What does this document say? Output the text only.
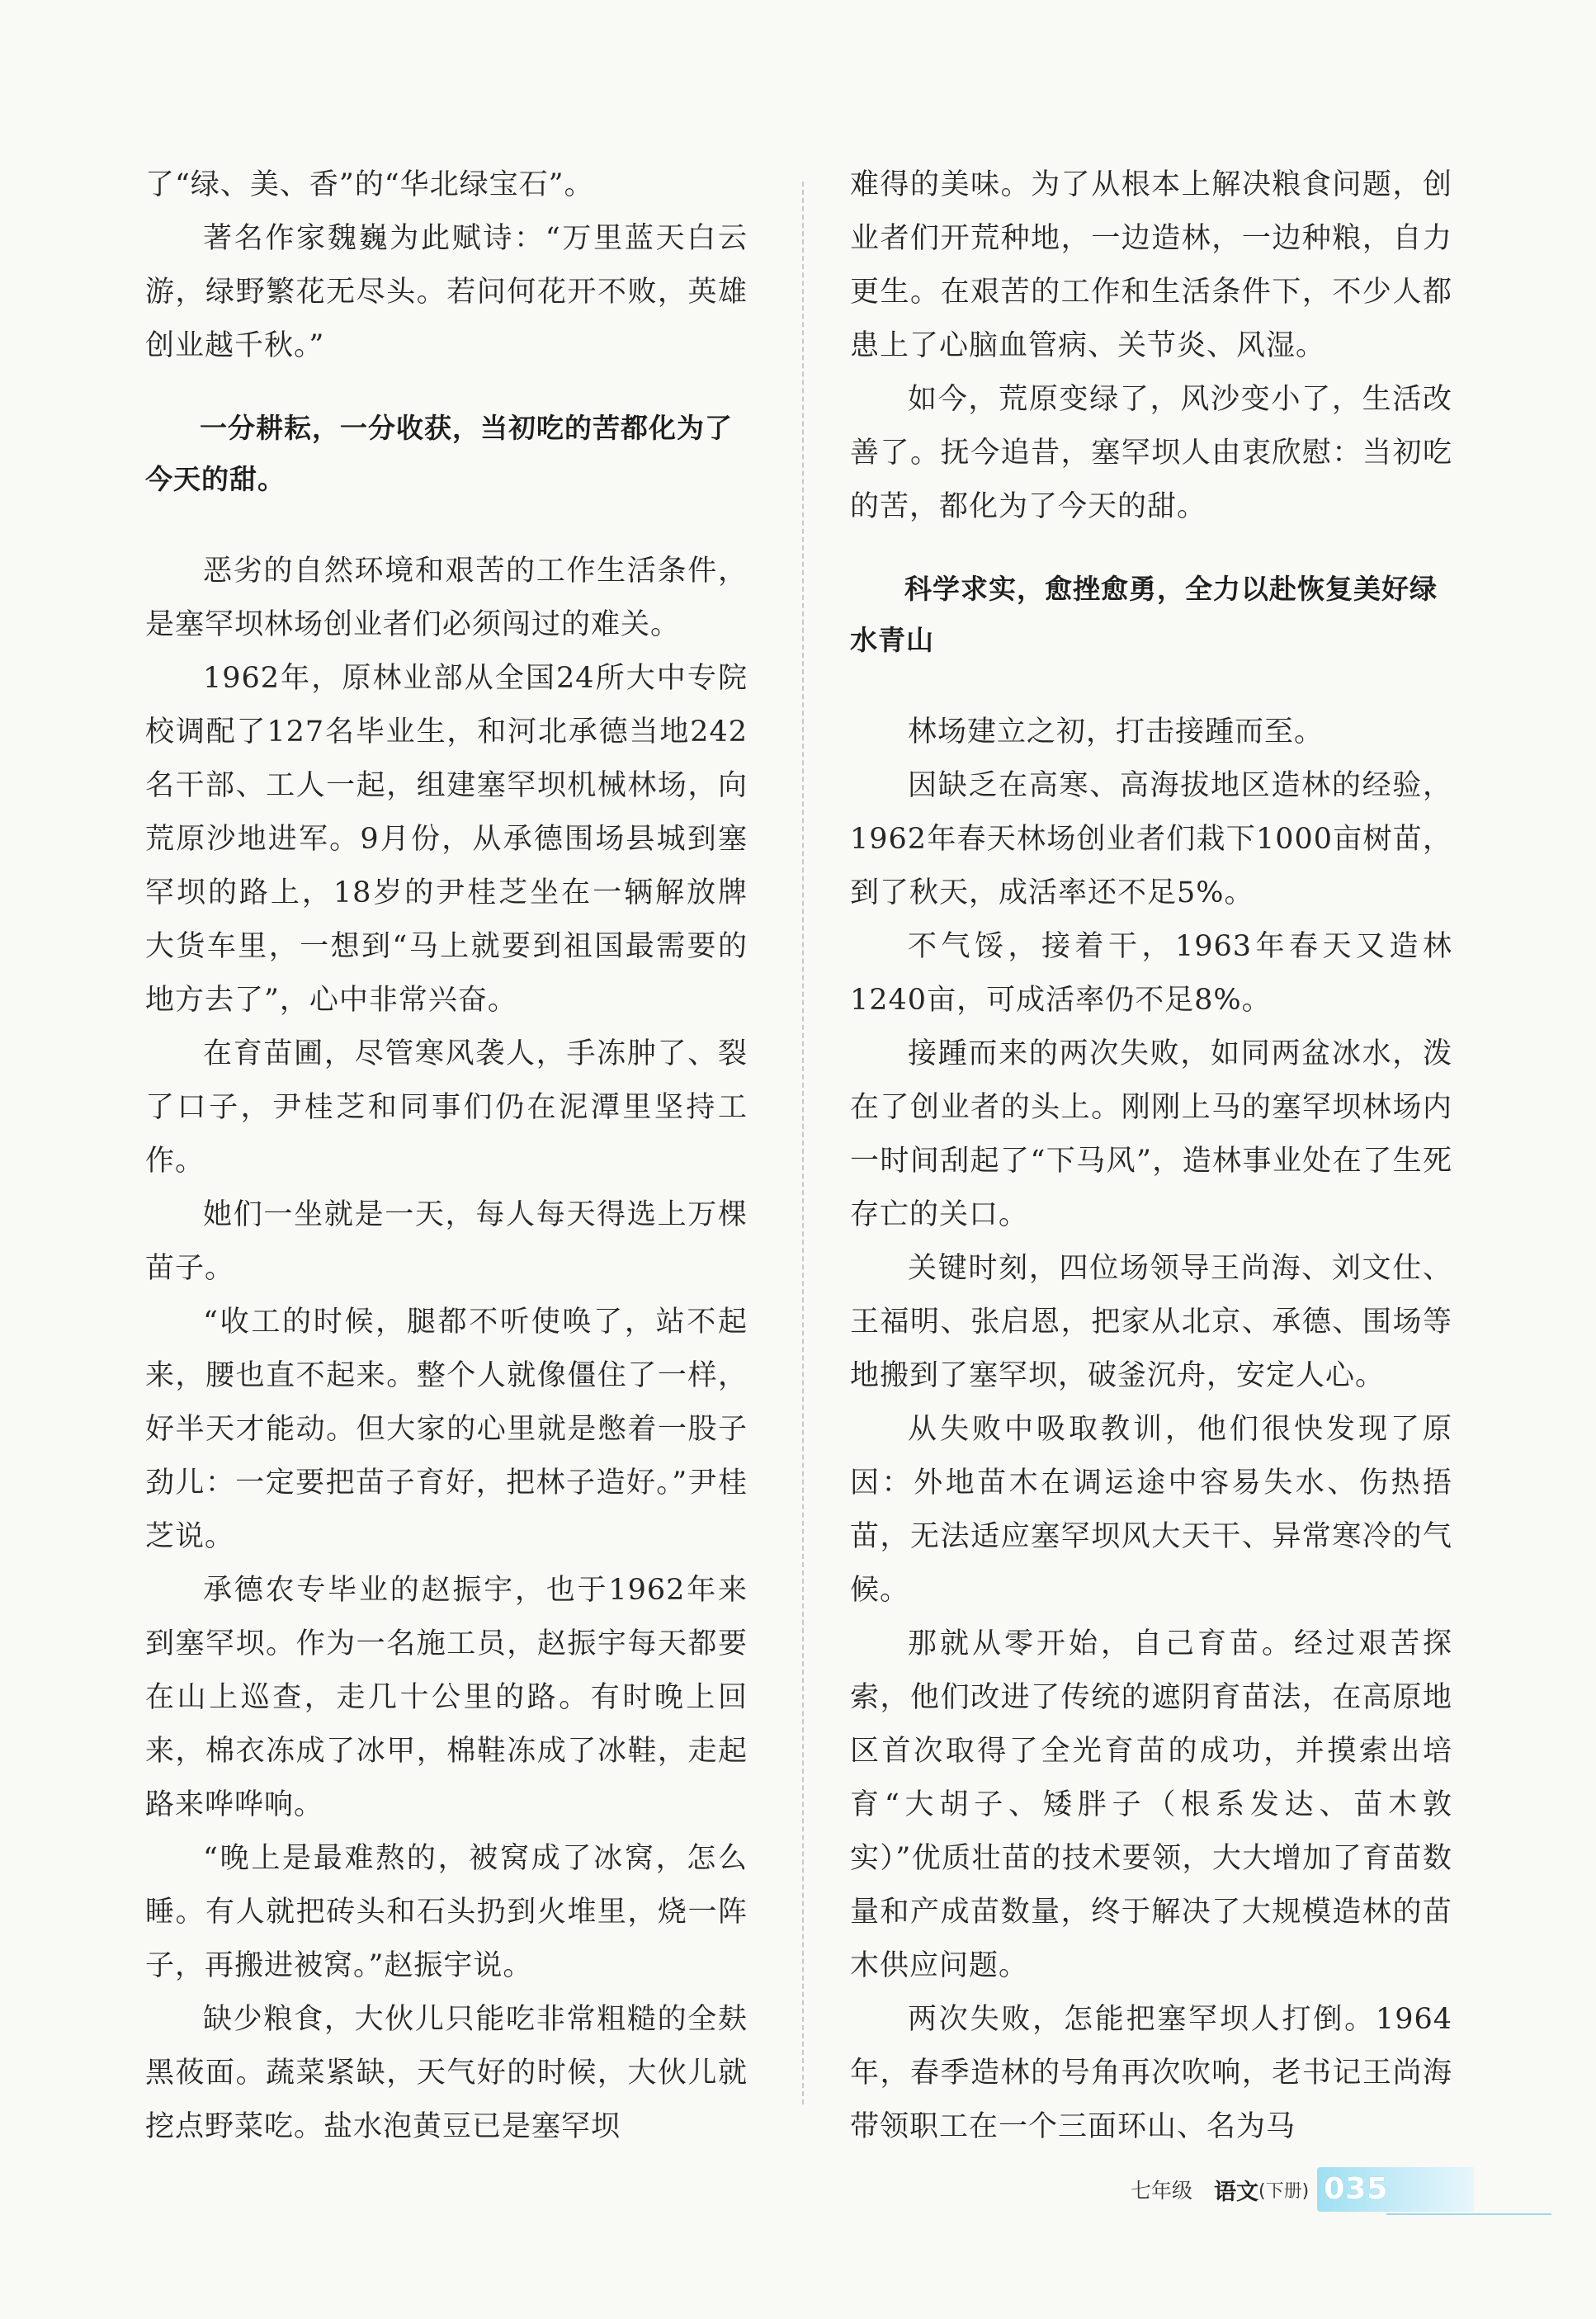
了“绿、美、香”的“华北绿宝石”。

著名作家魏巍为此赋诗：“万里蓝天白云游，绿野繁花无尽头。若问何花开不败，英雄创业越千秋。”

一分耕耘，一分收获，当初吃的苦都化为了今天的甜。

恶劣的自然环境和艰苦的工作生活条件，是塞罕坝林场创业者们必须闯过的难关。

1962年，原林业部从全国24所大中专院校调配了127名毕业生，和河北承德当地242名干部、工人一起，组建塞罕坝机械林场，向荒原沙地进军。9月份，从承德围场县城到塞罕坝的路上，18岁的尹桂芝坐在一辆解放牌大货车里，一想到“马上就要到祖国最需要的地方去了”，心中非常兴奋。

在育苗圃，尽管寒风袭人，手冻肿了、裂了口子，尹桂芝和同事们仍在泥潭里坚持工作。

她们一坐就是一天，每人每天得选上万棵苗子。

“收工的时候，腿都不听使唤了，站不起来，腰也直不起来。整个人就像僵住了一样，好半天才能动。但大家的心里就是憋着一股子劲儿：一定要把苗子育好，把林子造好。”尹桂芝说。

承德农专毕业的赵振宇，也于1962年来到塞罕坝。作为一名施工员，赵振宇每天都要在山上巡查，走几十公里的路。有时晚上回来，棉衣冻成了冰甲，棉鞋冻成了冰鞋，走起路来哗哗响。

“晚上是最难熬的，被窝成了冰窝，怎么睡。有人就把砖头和石头扔到火堆里，烧一阵子，再搬进被窝。”赵振宇说。

缺少粮食，大伙儿只能吃非常粗糙的全麸黑莜面。蔬菜紧缺，天气好的时候，大伙儿就挖点野菜吃。盐水泡黄豆已是塞罕坝

难得的美味。为了从根本上解决粮食问题，创业者们开荒种地，一边造林，一边种粮，自力更生。在艰苦的工作和生活条件下，不少人都患上了心脑血管病、关节炎、风湿。

如今，荒原变绿了，风沙变小了，生活改善了。抚今追昔，塞罕坝人由衷欣慰：当初吃的苦，都化为了今天的甜。

科学求实，愈挫愈勇，全力以赴恢复美好绿水青山

林场建立之初，打击接踵而至。

因缺乏在高寒、高海拔地区造林的经验，1962年春天林场创业者们栽下1000亩树苗，到了秋天，成活率还不足5%。

不气馁，接着干，1963年春天又造林1240亩，可成活率仍不足8%。

接踵而来的两次失败，如同两盆冰水，泼在了创业者的头上。刚刚上马的塞罕坝林场内一时间刮起了“下马风”，造林事业处在了生死存亡的关口。

关键时刻，四位场领导王尚海、刘文仕、王福明、张启恩，把家从北京、承德、围场等地搬到了塞罕坝，破釜沉舟，安定人心。

从失败中吸取教训，他们很快发现了原因：外地苗木在调运途中容易失水、伤热捂苗，无法适应塞罕坝风大天干、异常寒冷的气候。

那就从零开始，自己育苗。经过艰苦探索，他们改进了传统的遮阴育苗法，在高原地区首次取得了全光育苗的成功，并摸索出培育“大胡子、矮胖子（根系发达、苗木敦实）”优质壮苗的技术要领，大大增加了育苗数量和产成苗数量，终于解决了大规模造林的苗木供应问题。

两次失败，怎能把塞罕坝人打倒。1964年，春季造林的号角再次吹响，老书记王尚海带领职工在一个三面环山、名为马

七年级 语文 (下册) 035
